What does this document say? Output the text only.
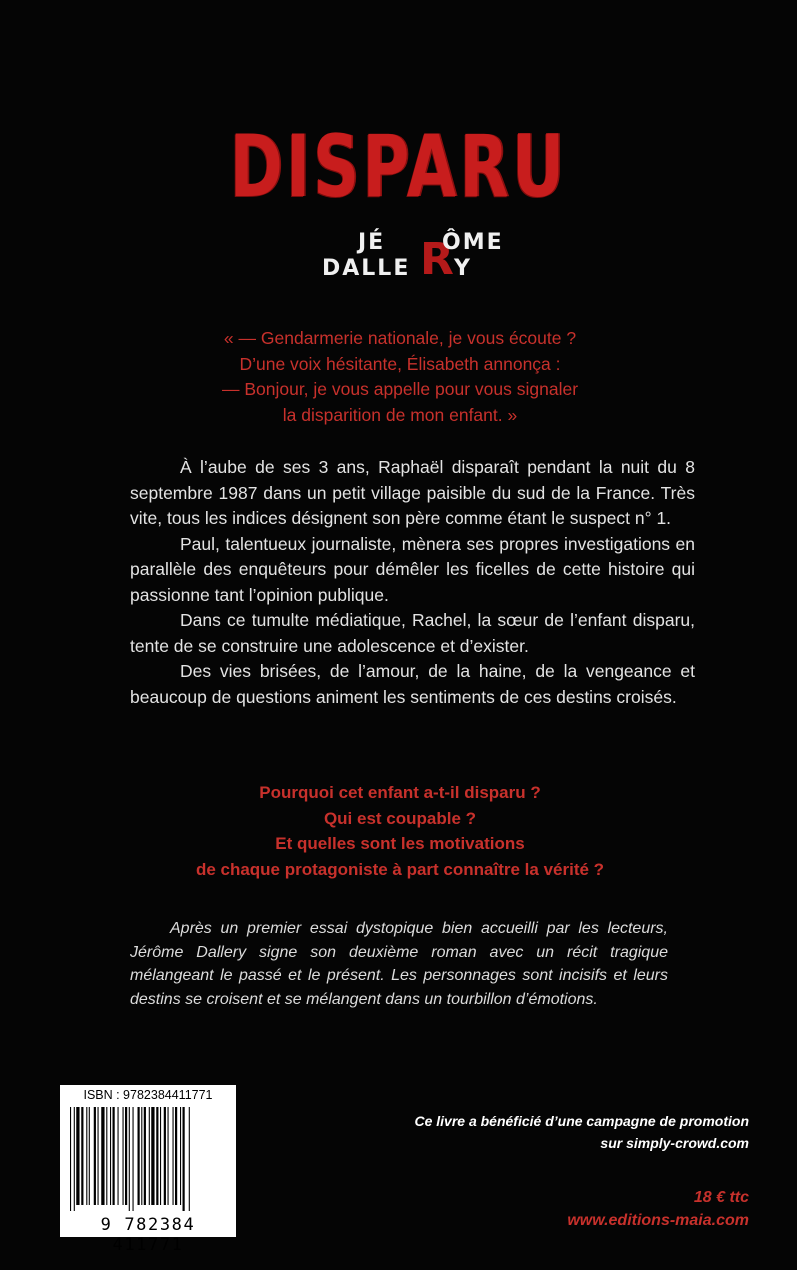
DISPARU
JÉ R
ÔME
DALLE Y
« — Gendarmerie nationale, je vous écoute ?
D’une voix hésitante, Élisabeth annonça :
— Bonjour, je vous appelle pour vous signaler
la disparition de mon enfant. »

À l’aube de ses 3 ans, Raphaël disparaît pendant la nuit du 8 septembre 1987 dans un petit village paisible du sud de la France. Très vite, tous les indices désignent son père comme étant le suspect n° 1.

Paul, talentueux journaliste, mènera ses propres investigations en parallèle des enquêteurs pour démêler les ficelles de cette histoire qui passionne tant l’opinion publique.

Dans ce tumulte médiatique, Rachel, la sœur de l’enfant disparu, tente de se construire une adolescence et d’exister.

Des vies brisées, de l’amour, de la haine, de la vengeance et beaucoup de questions animent les sentiments de ces destins croisés.

Pourquoi cet enfant a-t-il disparu ?
Qui est coupable ?
Et quelles sont les motivations
de chaque protagoniste à part connaître la vérité ?

Après un premier essai dystopique bien accueilli par les lecteurs, Jérôme Dallery signe son deuxième roman avec un récit tragique mélangeant le passé et le présent. Les personnages sont incisifs et leurs destins se croisent et se mélangent dans un tourbillon d’émotions.

ISBN : 9782384411771
9 782384 411771
Ce livre a bénéficié d’une campagne de promotion
sur simply-crowd.com
18 € ttc
www.editions-maia.com
